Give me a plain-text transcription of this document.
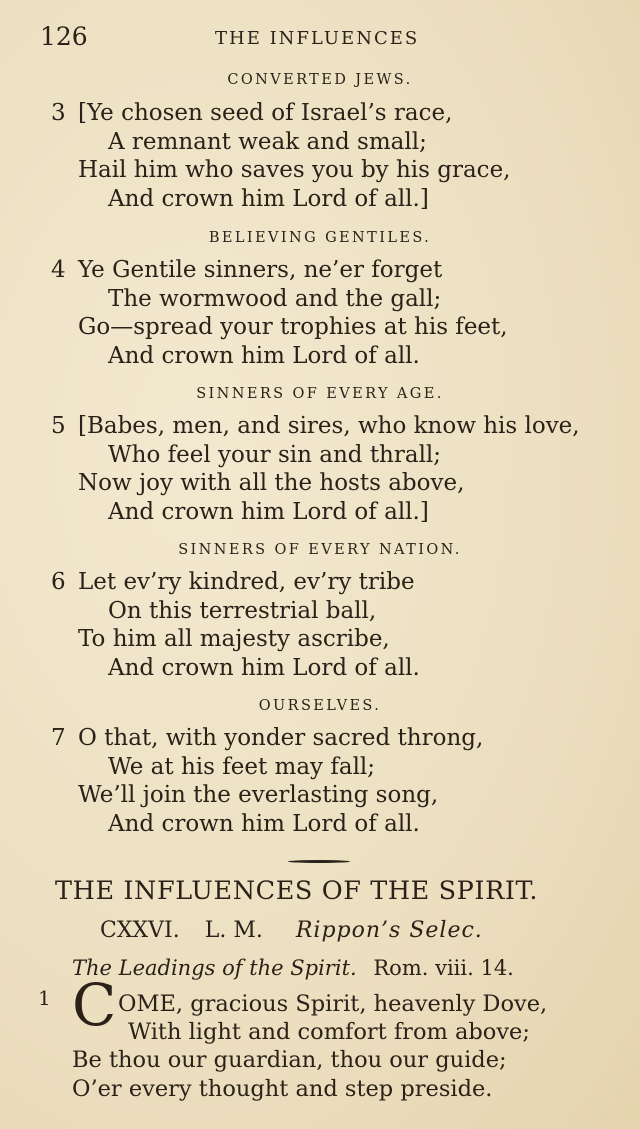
126	THE INFLUENCES
CONVERTED JEWS.
3 [Ye chosen seed of Israel’s race,
A remnant weak and small;
Hail him who saves you by his grace,
And crown him Lord of all.]
BELIEVING GENTILES.
4 Ye Gentile sinners, ne’er forget
The wormwood and the gall;
Go—spread your trophies at his feet,
And crown him Lord of all.
SINNERS OF EVERY AGE.
5 [Babes, men, and sires, who know his love,
Who feel your sin and thrall;
Now joy with all the hosts above,
And crown him Lord of all.]
SINNERS OF EVERY NATION.
6 Let ev’ry kindred, ev’ry tribe
On this terrestrial ball,
To him all majesty ascribe,
And crown him Lord of all.
OURSELVES.
7 O that, with yonder sacred throng,
We at his feet may fall;
We’ll join the everlasting song,
And crown him Lord of all.
THE INFLUENCES OF THE SPIRIT.
CXXVI. L. M. Rippon’s Selec.
The Leadings of the Spirit. Rom. viii. 14.
1 C OME, gracious Spirit, heavenly Dove,
With light and comfort from above;
Be thou our guardian, thou our guide;
O’er every thought and step preside.
